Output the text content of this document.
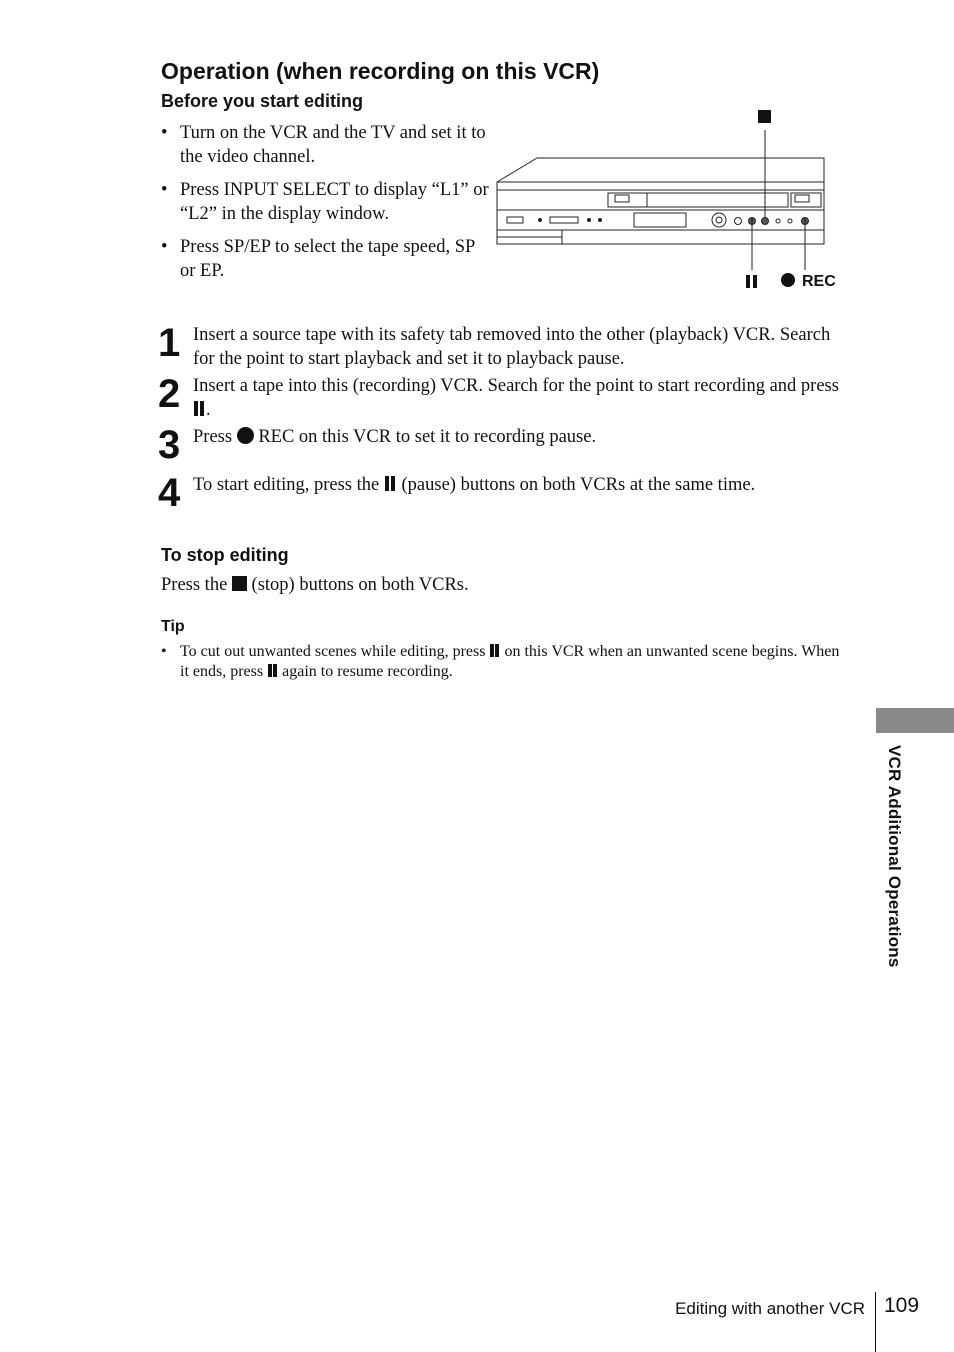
Operation (when recording on this VCR)
Before you start editing
• Turn on the VCR and the TV and set it to the video channel.
• Press INPUT SELECT to display “L1” or “L2” in the display window.
• Press SP/EP to select the tape speed, SP or EP.
REC
1 Insert a source tape with its safety tab removed into the other (playback) VCR. Search for the point to start playback and set it to playback pause.
2 Insert a tape into this (recording) VCR. Search for the point to start recording and press .
3 Press  REC on this VCR to set it to recording pause.
4 To start editing, press the  (pause) buttons on both VCRs at the same time.
To stop editing
Press the  (stop) buttons on both VCRs.
Tip
• To cut out unwanted scenes while editing, press  on this VCR when an unwanted scene begins. When it ends, press  again to resume recording.
VCR Additional Operations
Editing with another VCR 109
